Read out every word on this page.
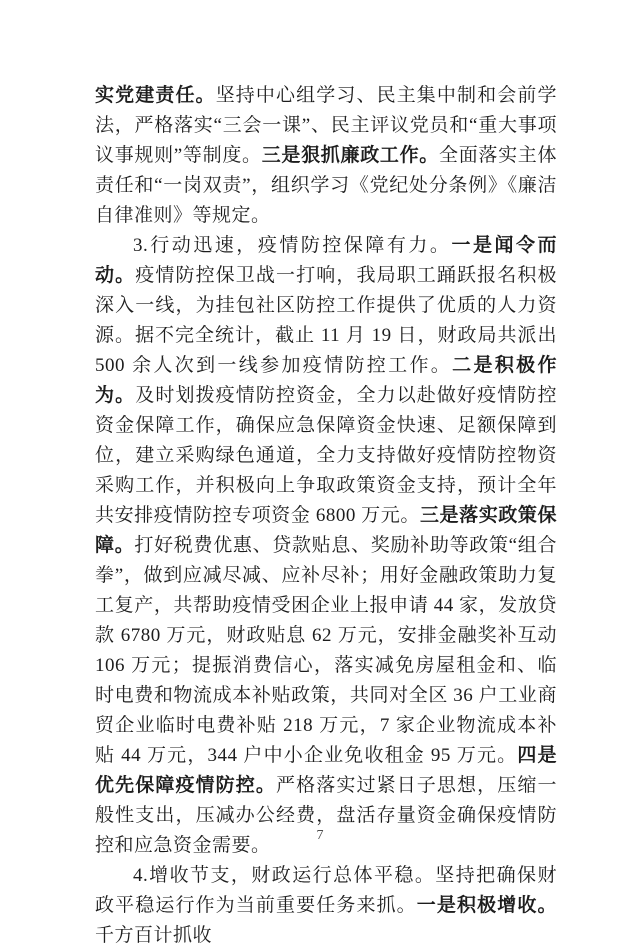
实党建责任。坚持中心组学习、民主集中制和会前学法，严格落实“三会一课”、民主评议党员和“重大事项议事规则”等制度。三是狠抓廉政工作。全面落实主体责任和“一岗双责”，组织学习《党纪处分条例》《廉洁自律准则》等规定。

3.行动迅速，疫情防控保障有力。一是闻令而动。疫情防控保卫战一打响，我局职工踊跃报名积极深入一线，为挂包社区防控工作提供了优质的人力资源。据不完全统计，截止 11 月 19 日，财政局共派出 500 余人次到一线参加疫情防控工作。二是积极作为。及时划拨疫情防控资金，全力以赴做好疫情防控资金保障工作，确保应急保障资金快速、足额保障到位，建立采购绿色通道，全力支持做好疫情防控物资采购工作，并积极向上争取政策资金支持，预计全年共安排疫情防控专项资金 6800 万元。三是落实政策保障。打好税费优惠、贷款贴息、奖励补助等政策“组合拳”，做到应减尽减、应补尽补；用好金融政策助力复工复产，共帮助疫情受困企业上报申请 44 家，发放贷款 6780 万元，财政贴息 62 万元，安排金融奖补互动 106 万元；提振消费信心，落实减免房屋租金和、临时电费和物流成本补贴政策，共同对全区 36 户工业商贸企业临时电费补贴 218 万元，7 家企业物流成本补贴 44 万元，344 户中小企业免收租金 95 万元。四是优先保障疫情防控。严格落实过紧日子思想，压缩一般性支出，压减办公经费，盘活存量资金确保疫情防控和应急资金需要。

4.增收节支，财政运行总体平稳。坚持把确保财政平稳运行作为当前重要任务来抓。一是积极增收。千方百计抓收

7
